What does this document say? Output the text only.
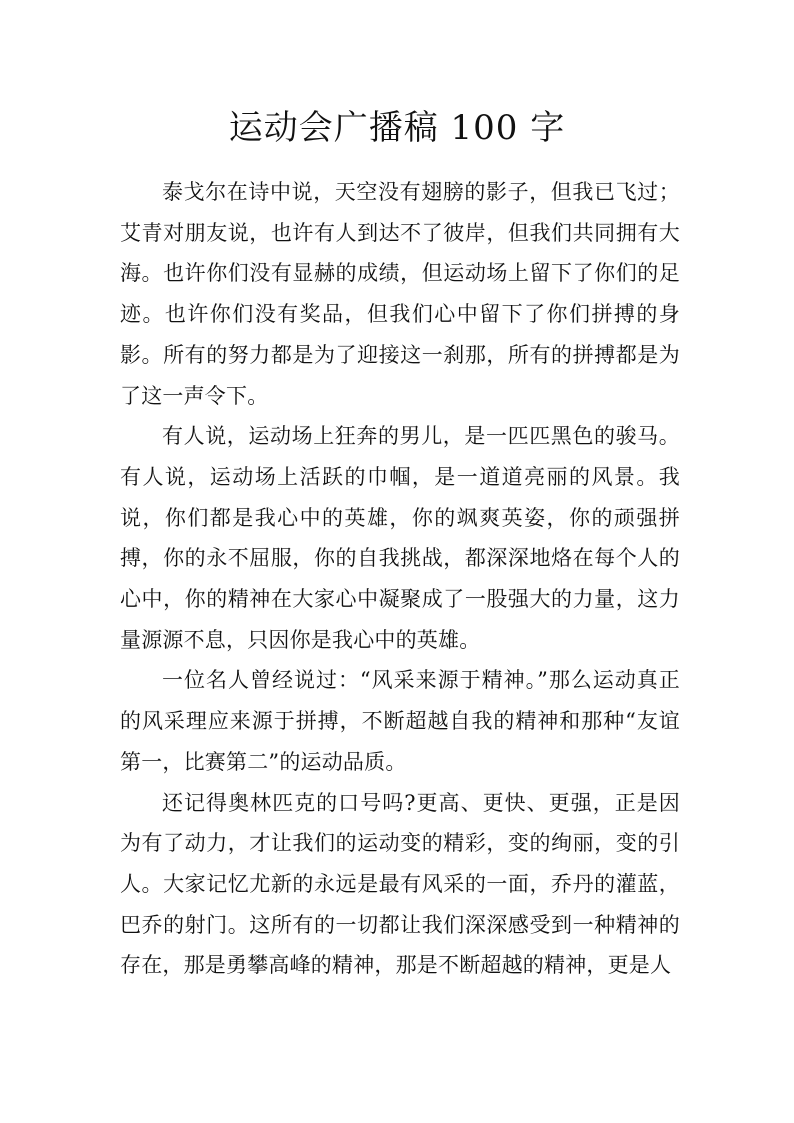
运动会广播稿 100 字

泰戈尔在诗中说，天空没有翅膀的影子，但我已飞过；艾青对朋友说，也许有人到达不了彼岸，但我们共同拥有大海。也许你们没有显赫的成绩，但运动场上留下了你们的足迹。也许你们没有奖品，但我们心中留下了你们拼搏的身影。所有的努力都是为了迎接这一刹那，所有的拼搏都是为了这一声令下。

有人说，运动场上狂奔的男儿，是一匹匹黑色的骏马。有人说，运动场上活跃的巾帼，是一道道亮丽的风景。我说，你们都是我心中的英雄，你的飒爽英姿，你的顽强拼搏，你的永不屈服，你的自我挑战，都深深地烙在每个人的心中，你的精神在大家心中凝聚成了一股强大的力量，这力量源源不息，只因你是我心中的英雄。

一位名人曾经说过：“风采来源于精神。”那么运动真正的风采理应来源于拼搏，不断超越自我的精神和那种“友谊第一，比赛第二”的运动品质。

还记得奥林匹克的口号吗?更高、更快、更强，正是因为有了动力，才让我们的运动变的精彩，变的绚丽，变的引人。大家记忆尤新的永远是最有风采的一面，乔丹的灌蓝，巴乔的射门。这所有的一切都让我们深深感受到一种精神的存在，那是勇攀高峰的精神，那是不断超越的精神，更是人
